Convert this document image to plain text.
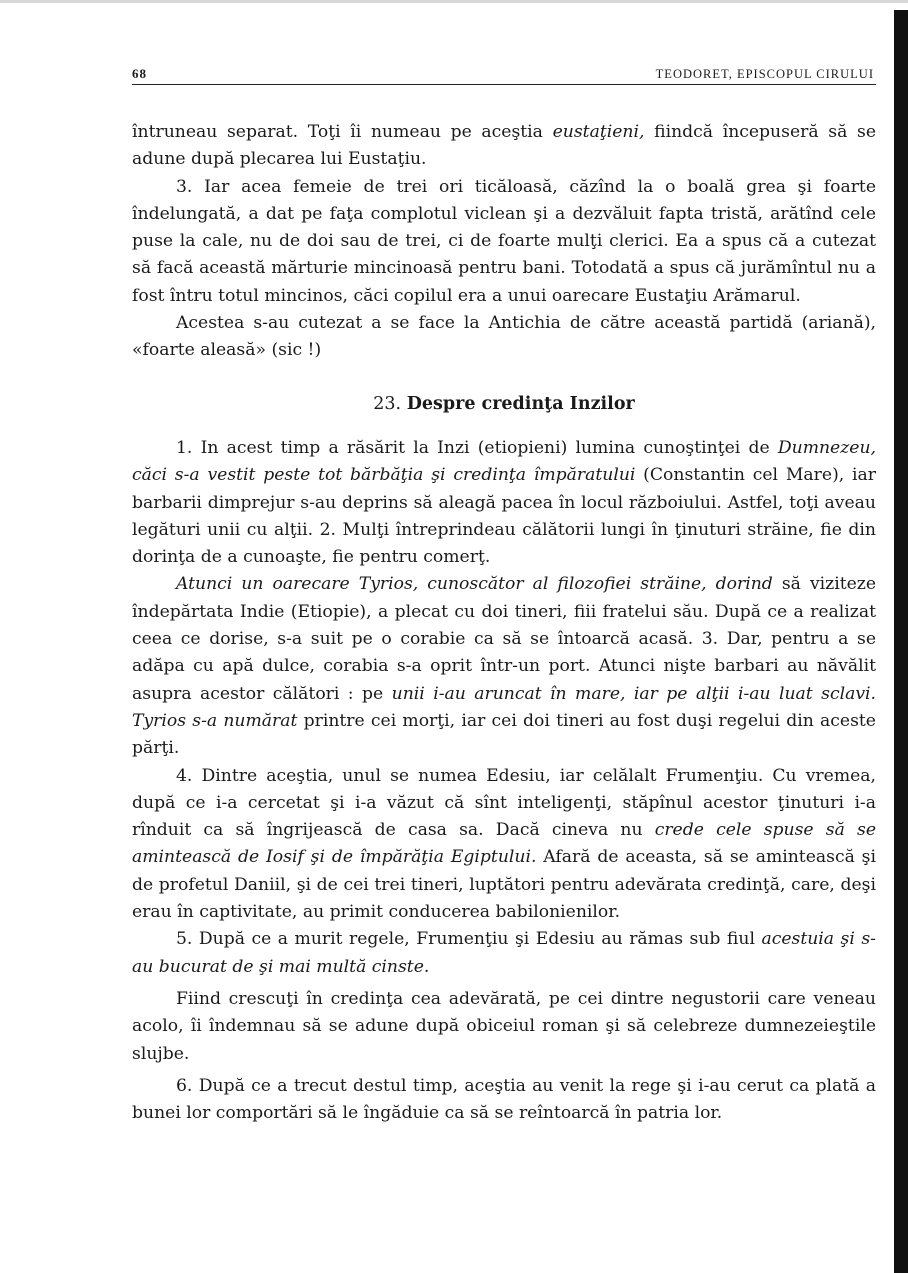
68	TEODORET, EPISCOPUL CIRULUI

întruneau separat. Toţi îi numeau pe aceştia eustaţieni, fiindcă începuseră să se adune după plecarea lui Eustaţiu.

3. Iar acea femeie de trei ori ticăloasă, căzînd la o boală grea şi foarte îndelungată, a dat pe faţa complotul viclean şi a dezvăluit fapta tristă, arătînd cele puse la cale, nu de doi sau de trei, ci de foarte mulţi clerici. Ea a spus că a cutezat să facă această mărturie mincinoasă pentru bani. Totodată a spus că jurămîntul nu a fost întru totul mincinos, căci copilul era a unui oarecare Eustaţiu Arămarul.

Acestea s-au cutezat a se face la Antichia de către această partidă (ariană), «foarte aleasă» (sic !)

23. Despre credinţa Inzilor

1. In acest timp a răsărit la Inzi (etiopieni) lumina cunoştinţei de Dumnezeu, căci s-a vestit peste tot bărbăţia şi credinţa împăratului (Constantin cel Mare), iar barbarii dimprejur s-au deprins să aleagă pacea în locul războiului. Astfel, toţi aveau legături unii cu alţii. 2. Mulţi întreprindeau călătorii lungi în ţinuturi străine, fie din dorinţa de a cunoaşte, fie pentru comerţ.

Atunci un oarecare Tyrios, cunoscător al filozofiei străine, dorind să viziteze îndepărtata Indie (Etiopie), a plecat cu doi tineri, fiii fratelui său. După ce a realizat ceea ce dorise, s-a suit pe o corabie ca să se întoarcă acasă. 3. Dar, pentru a se adăpa cu apă dulce, corabia s-a oprit într-un port. Atunci nişte barbari au năvălit asupra acestor călători : pe unii i-au aruncat în mare, iar pe alţii i-au luat sclavi. Tyrios s-a numărat printre cei morţi, iar cei doi tineri au fost duşi regelui din aceste părţi.

4. Dintre aceştia, unul se numea Edesiu, iar celălalt Frumenţiu. Cu vremea, după ce i-a cercetat şi i-a văzut că sînt inteligenţi, stăpînul acestor ţinuturi i-a rînduit ca să îngrijească de casa sa. Dacă cineva nu crede cele spuse să se amintească de Iosif şi de împărăţia Egiptului. Afară de aceasta, să se amintească şi de profetul Daniil, şi de cei trei tineri, luptători pentru adevărata credinţă, care, deşi erau în captivitate, au primit conducerea babilonienilor.

5. După ce a murit regele, Frumenţiu şi Edesiu au rămas sub fiul acestuia şi s-au bucurat de şi mai multă cinste.

Fiind crescuţi în credinţa cea adevărată, pe cei dintre negustorii care veneau acolo, îi îndemnau să se adune după obiceiul roman şi să celebreze dumnezeieştile slujbe.

6. După ce a trecut destul timp, aceştia au venit la rege şi i-au cerut ca plată a bunei lor comportări să le îngăduie ca să se reîntoarcă în patria lor.
